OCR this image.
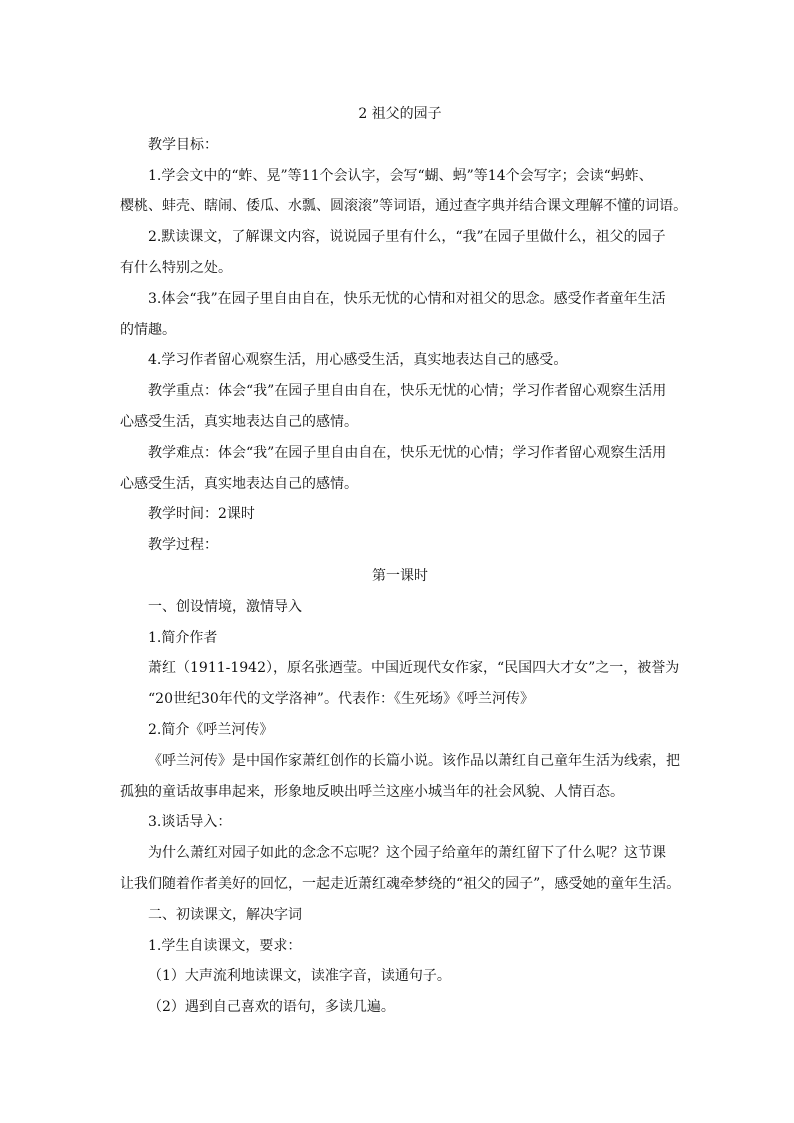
2 祖父的园子
教学目标：
1.学会文中的“蚱、晃”等11个会认字，会写“蝴、蚂”等14个会写字；会读“蚂蚱、
樱桃、蚌壳、瞎闹、倭瓜、水瓢、圆滚滚”等词语，通过查字典并结合课文理解不懂的词语。
2.默读课文，了解课文内容，说说园子里有什么，“我”在园子里做什么，祖父的园子
有什么特别之处。
3.体会“我”在园子里自由自在，快乐无忧的心情和对祖父的思念。感受作者童年生活
的情趣。
4.学习作者留心观察生活，用心感受生活，真实地表达自己的感受。
教学重点：体会“我”在园子里自由自在，快乐无忧的心情；学习作者留心观察生活用
心感受生活，真实地表达自己的感情。
教学难点：体会“我”在园子里自由自在，快乐无忧的心情；学习作者留心观察生活用
心感受生活，真实地表达自己的感情。
教学时间：2课时
教学过程：
第一课时
一、创设情境，激情导入
1.简介作者
萧红（1911-1942），原名张迺莹。中国近现代女作家，“民国四大才女”之一，被誉为
“20世纪30年代的文学洛神”。代表作：《生死场》《呼兰河传》
2.简介《呼兰河传》
《呼兰河传》是中国作家萧红创作的长篇小说。该作品以萧红自己童年生活为线索，把
孤独的童话故事串起来，形象地反映出呼兰这座小城当年的社会风貌、人情百态。
3.谈话导入：
为什么萧红对园子如此的念念不忘呢？这个园子给童年的萧红留下了什么呢？这节课
让我们随着作者美好的回忆，一起走近萧红魂牵梦绕的“祖父的园子”，感受她的童年生活。
二、初读课文，解决字词
1.学生自读课文，要求：
（1）大声流利地读课文，读准字音，读通句子。
（2）遇到自己喜欢的语句，多读几遍。
